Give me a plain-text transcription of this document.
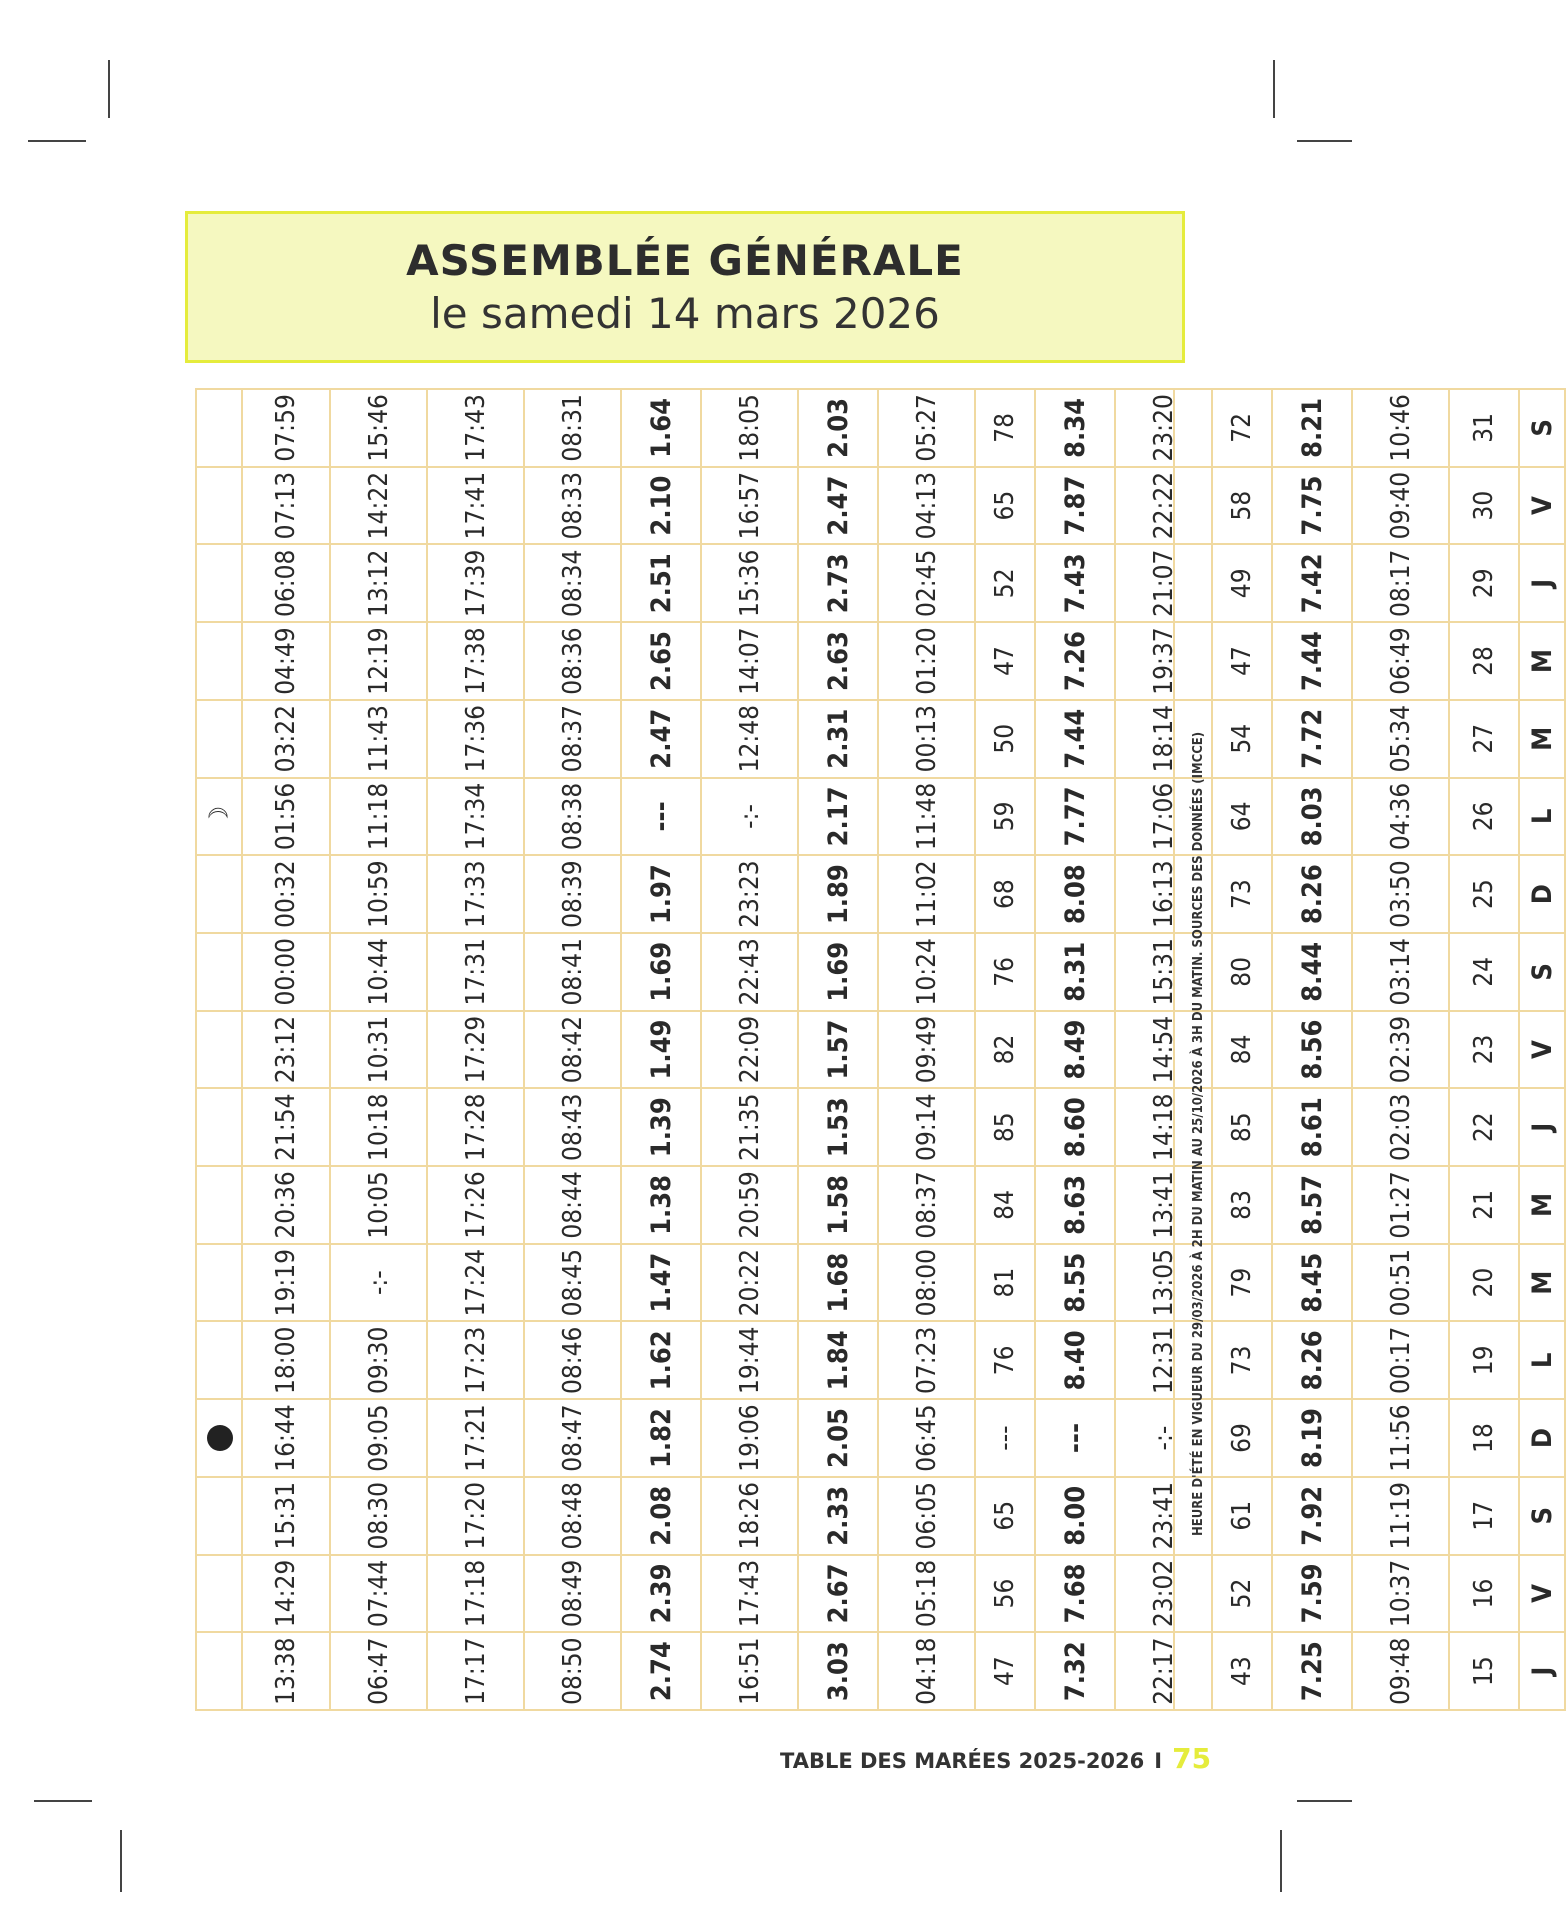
ASSEMBLÉE GÉNÉRALE
le samedi 14 mars 2026
											☽					
13:38	14:29	15:31	16:44	18:00	19:19	20:36	21:54	23:12	00:00	00:32	01:56	03:22	04:49	06:08	07:13	07:59
06:47	07:44	08:30	09:05	09:30	-:-	10:05	10:18	10:31	10:44	10:59	11:18	11:43	12:19	13:12	14:22	15:46
17:17	17:18	17:20	17:21	17:23	17:24	17:26	17:28	17:29	17:31	17:33	17:34	17:36	17:38	17:39	17:41	17:43
08:50	08:49	08:48	08:47	08:46	08:45	08:44	08:43	08:42	08:41	08:39	08:38	08:37	08:36	08:34	08:33	08:31
2.74	2.39	2.08	1.82	1.62	1.47	1.38	1.39	1.49	1.69	1.97	---	2.47	2.65	2.51	2.10	1.64
16:51	17:43	18:26	19:06	19:44	20:22	20:59	21:35	22:09	22:43	23:23	-:-	12:48	14:07	15:36	16:57	18:05
3.03	2.67	2.33	2.05	1.84	1.68	1.58	1.53	1.57	1.69	1.89	2.17	2.31	2.63	2.73	2.47	2.03
04:18	05:18	06:05	06:45	07:23	08:00	08:37	09:14	09:49	10:24	11:02	11:48	00:13	01:20	02:45	04:13	05:27
47	56	65	---	76	81	84	85	82	76	68	59	50	47	52	65	78
7.32	7.68	8.00	---	8.40	8.55	8.63	8.60	8.49	8.31	8.08	7.77	7.44	7.26	7.43	7.87	8.34
22:17	23:02	23:41	-:-	12:31	13:05	13:41	14:18	14:54	15:31	16:13	17:06	18:14	19:37	21:07	22:22	23:20
43	52	61	69	73	79	83	85	84	80	73	64	54	47	49	58	72
7.25	7.59	7.92	8.19	8.26	8.45	8.57	8.61	8.56	8.44	8.26	8.03	7.72	7.44	7.42	7.75	8.21
09:48	10:37	11:19	11:56	00:17	00:51	01:27	02:03	02:39	03:14	03:50	04:36	05:34	06:49	08:17	09:40	10:46
15	16	17	18	19	20	21	22	23	24	25	26	27	28	29	30	31
J	V	S	D	L	M	M	J	V	S	D	L	M	M	J	V	S
HEURE D'ÉTÉ EN VIGUEUR DU 29/03/2026 À 2H DU MATIN AU 25/10/2026 À 3H DU MATIN. SOURCES DES DONNÉES (IMCCE)
TABLE DES MARÉES 2025-2026 I 75
